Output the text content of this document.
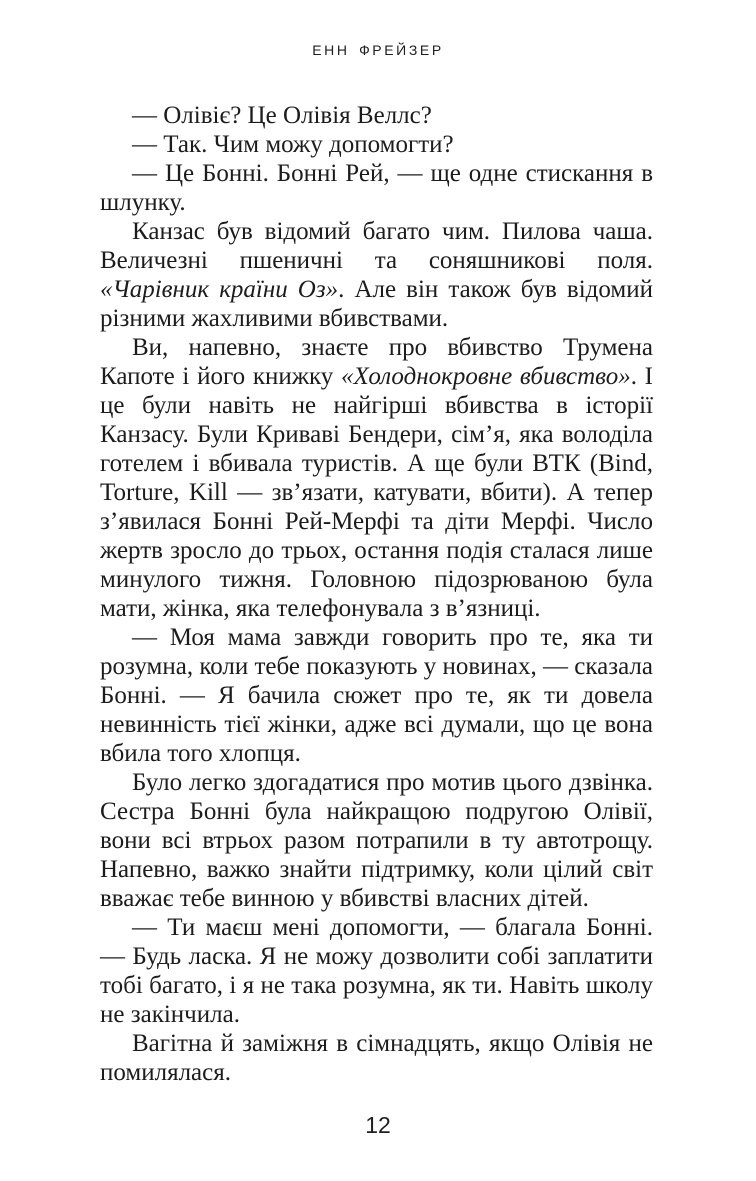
ЕНН ФРЕЙЗЕР

— Олівіє? Це Олівія Веллс?

— Так. Чим можу допомогти?

— Це Бонні. Бонні Рей, — ще одне стискання в шлунку.

Канзас був відомий багато чим. Пилова чаша. Величезні пшеничні та соняшникові поля. «Чарівник країни Оз». Але він також був відомий різними жахливими вбивствами.

Ви, напевно, знаєте про вбивство Трумена Капоте і його книжку «Холоднокровне вбивство». І це були навіть не найгірші вбивства в історії Канзасу. Були Криваві Бендери, сім’я, яка володіла готелем і вбивала туристів. А ще були ВТК (Bind, Torture, Kill — зв’язати, катувати, вбити). А тепер з’явилася Бонні Рей-Мерфі та діти Мерфі. Число жертв зросло до трьох, остання подія сталася лише минулого тижня. Головною підозрюваною була мати, жінка, яка телефонувала з в’язниці.

— Моя мама завжди говорить про те, яка ти розумна, коли тебе показують у новинах, — сказала Бонні. — Я бачила сюжет про те, як ти довела невинність тієї жінки, адже всі думали, що це вона вбила того хлопця.

Було легко здогадатися про мотив цього дзвінка. Сестра Бонні була найкращою подругою Олівії, вони всі втрьох разом потрапили в ту автотрощу. Напевно, важко знайти підтримку, коли цілий світ вважає тебе винною у вбивстві власних дітей.

— Ти маєш мені допомогти, — благала Бонні. — Будь ласка. Я не можу дозволити собі заплатити тобі багато, і я не така розумна, як ти. Навіть школу не закінчила.

Вагітна й заміжня в сімнадцять, якщо Олівія не помилялася.

12
